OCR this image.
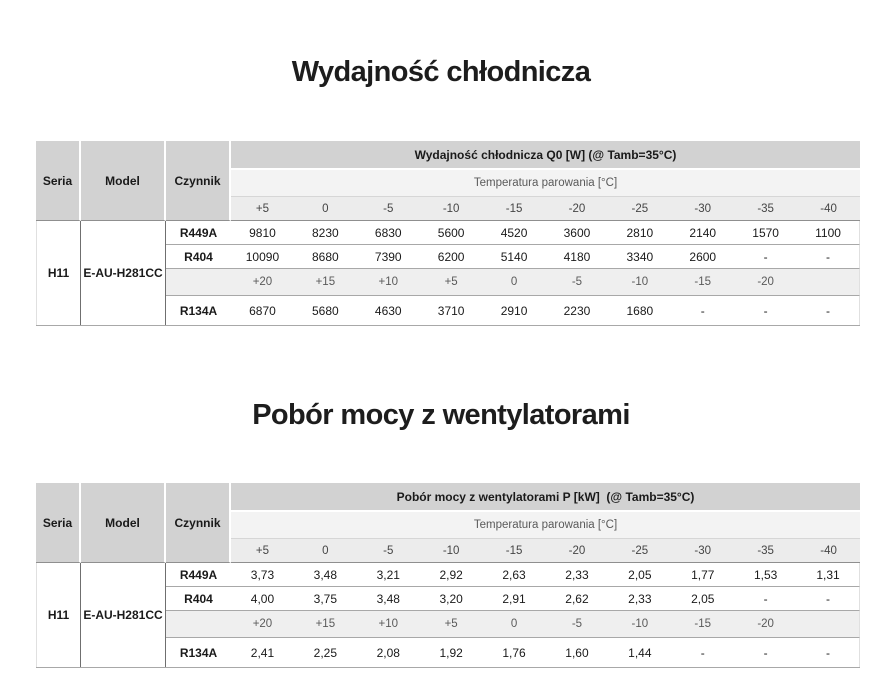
Wydajność chłodnicza
Seria	Model	Czynnik
Wydajność chłodnicza Q0 [W] (@ Tamb=35°C)
Temperatura parowania [°C]
+5	0	-5	-10	-15	-20	-25	-30	-35	-40
H11	E-AU-H281CC
R449A	9810	8230	6830	5600	4520	3600	2810	2140	1570	1100
R404	10090	8680	7390	6200	5140	4180	3340	2600	-	-
+20	+15	+10	+5	0	-5	-10	-15	-20
R134A	6870	5680	4630	3710	2910	2230	1680	-	-	-
Pobór mocy z wentylatorami
Seria	Model	Czynnik
Pobór mocy z wentylatorami P [kW]  (@ Tamb=35°C)
Temperatura parowania [°C]
+5	0	-5	-10	-15	-20	-25	-30	-35	-40
H11	E-AU-H281CC
R449A	3,73	3,48	3,21	2,92	2,63	2,33	2,05	1,77	1,53	1,31
R404	4,00	3,75	3,48	3,20	2,91	2,62	2,33	2,05	-	-
+20	+15	+10	+5	0	-5	-10	-15	-20
R134A	2,41	2,25	2,08	1,92	1,76	1,60	1,44	-	-	-
